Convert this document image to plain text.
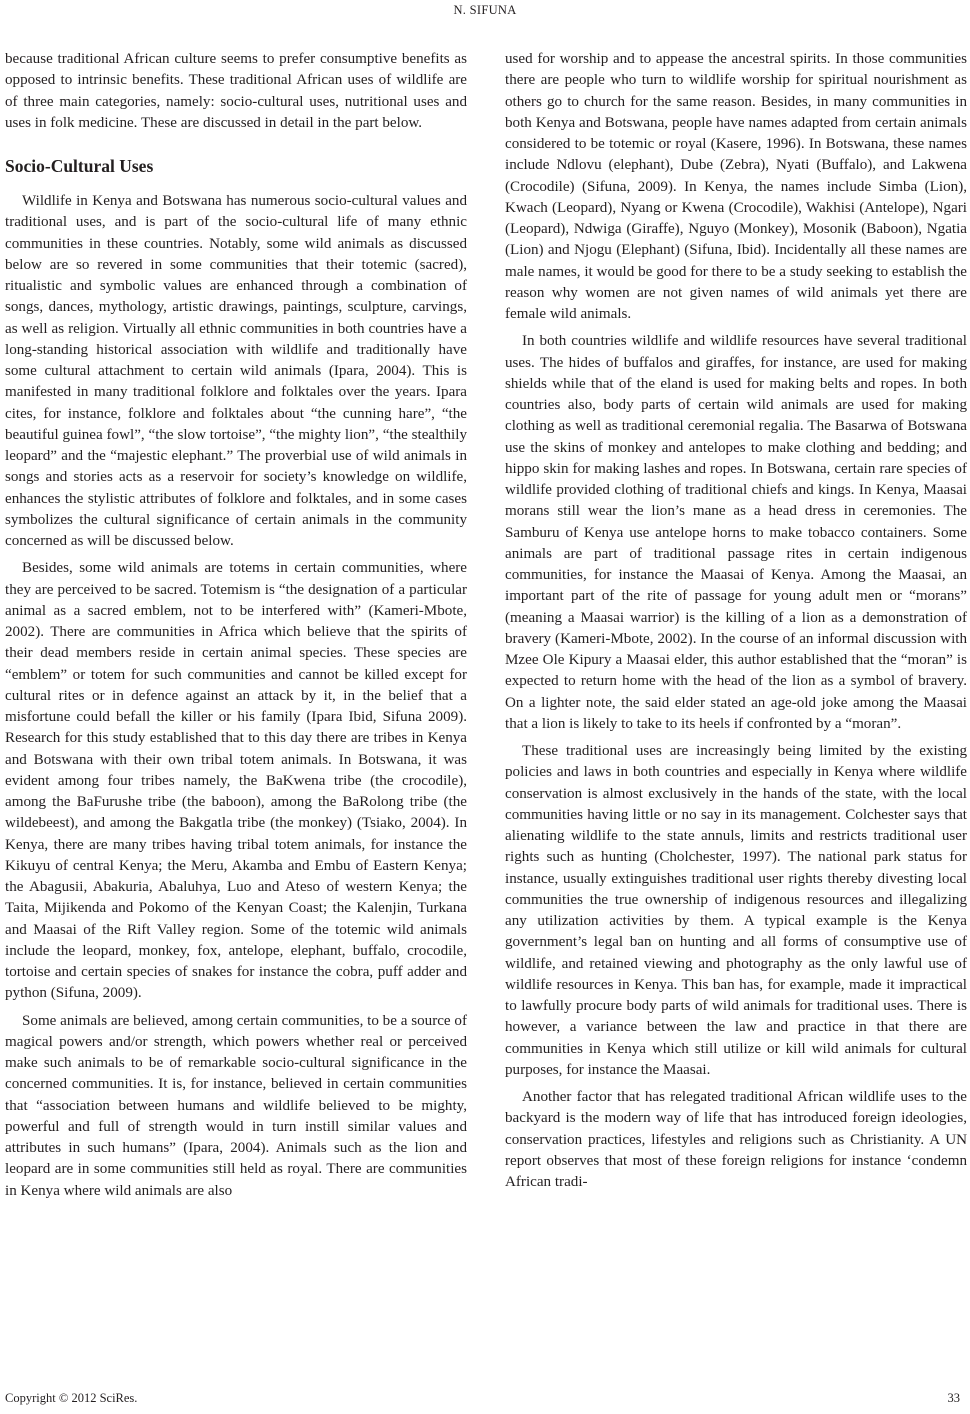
N. SIFUNA

because traditional African culture seems to prefer consumptive benefits as opposed to intrinsic benefits. These traditional African uses of wildlife are of three main categories, namely: socio-cultural uses, nutritional uses and uses in folk medicine. These are discussed in detail in the part below.

Socio-Cultural Uses

Wildlife in Kenya and Botswana has numerous socio-cultural values and traditional uses, and is part of the socio-cultural life of many ethnic communities in these countries. Notably, some wild animals as discussed below are so revered in some communities that their totemic (sacred), ritualistic and symbolic values are enhanced through a combination of songs, dances, mythology, artistic drawings, paintings, sculpture, carvings, as well as religion. Virtually all ethnic communities in both countries have a long-standing historical association with wildlife and traditionally have some cultural attachment to certain wild animals (Ipara, 2004). This is manifested in many traditional folklore and folktales over the years. Ipara cites, for instance, folklore and folktales about “the cunning hare”, “the beautiful guinea fowl”, “the slow tortoise”, “the mighty lion”, “the stealthily leopard” and the “majestic elephant.” The proverbial use of wild animals in songs and stories acts as a reservoir for society’s knowledge on wildlife, enhances the stylistic attributes of folklore and folktales, and in some cases symbolizes the cultural significance of certain animals in the community concerned as will be discussed below.

Besides, some wild animals are totems in certain communities, where they are perceived to be sacred. Totemism is “the designation of a particular animal as a sacred emblem, not to be interfered with” (Kameri-Mbote, 2002). There are communities in Africa which believe that the spirits of their dead members reside in certain animal species. These species are “emblem” or totem for such communities and cannot be killed except for cultural rites or in defence against an attack by it, in the belief that a misfortune could befall the killer or his family (Ipara Ibid, Sifuna 2009). Research for this study established that to this day there are tribes in Kenya and Botswana with their own tribal totem animals. In Botswana, it was evident among four tribes namely, the BaKwena tribe (the crocodile), among the BaFurushe tribe (the baboon), among the BaRolong tribe (the wildebeest), and among the Bakgatla tribe (the monkey) (Tsiako, 2004). In Kenya, there are many tribes having tribal totem animals, for instance the Kikuyu of central Kenya; the Meru, Akamba and Embu of Eastern Kenya; the Abagusii, Abakuria, Abaluhya, Luo and Ateso of western Kenya; the Taita, Mijikenda and Pokomo of the Kenyan Coast; the Kalenjin, Turkana and Maasai of the Rift Valley region. Some of the totemic wild animals include the leopard, monkey, fox, antelope, elephant, buffalo, crocodile, tortoise and certain species of snakes for instance the cobra, puff adder and python (Sifuna, 2009).

Some animals are believed, among certain communities, to be a source of magical powers and/or strength, which powers whether real or perceived make such animals to be of remarkable socio-cultural significance in the concerned communities. It is, for instance, believed in certain communities that “association between humans and wildlife believed to be mighty, powerful and full of strength would in turn instill similar values and attributes in such humans” (Ipara, 2004). Animals such as the lion and leopard are in some communities still held as royal. There are communities in Kenya where wild animals are also

used for worship and to appease the ancestral spirits. In those communities there are people who turn to wildlife worship for spiritual nourishment as others go to church for the same reason. Besides, in many communities in both Kenya and Botswana, people have names adapted from certain animals considered to be totemic or royal (Kasere, 1996). In Botswana, these names include Ndlovu (elephant), Dube (Zebra), Nyati (Buffalo), and Lakwena (Crocodile) (Sifuna, 2009). In Kenya, the names include Simba (Lion), Kwach (Leopard), Nyang or Kwena (Crocodile), Wakhisi (Antelope), Ngari (Leopard), Ndwiga (Giraffe), Nguyo (Monkey), Mosonik (Baboon), Ngatia (Lion) and Njogu (Elephant) (Sifuna, Ibid). Incidentally all these names are male names, it would be good for there to be a study seeking to establish the reason why women are not given names of wild animals yet there are female wild animals.

In both countries wildlife and wildlife resources have several traditional uses. The hides of buffalos and giraffes, for instance, are used for making shields while that of the eland is used for making belts and ropes. In both countries also, body parts of certain wild animals are used for making clothing as well as traditional ceremonial regalia. The Basarwa of Botswana use the skins of monkey and antelopes to make clothing and bedding; and hippo skin for making lashes and ropes. In Botswana, certain rare species of wildlife provided clothing of traditional chiefs and kings. In Kenya, Maasai morans still wear the lion’s mane as a head dress in ceremonies. The Samburu of Kenya use antelope horns to make tobacco containers. Some animals are part of traditional passage rites in certain indigenous communities, for instance the Maasai of Kenya. Among the Maasai, an important part of the rite of passage for young adult men or “morans” (meaning a Maasai warrior) is the killing of a lion as a demonstration of bravery (Kameri-Mbote, 2002). In the course of an informal discussion with Mzee Ole Kipury a Maasai elder, this author established that the “moran” is expected to return home with the head of the lion as a symbol of bravery. On a lighter note, the said elder stated an age-old joke among the Maasai that a lion is likely to take to its heels if confronted by a “moran”.

These traditional uses are increasingly being limited by the existing policies and laws in both countries and especially in Kenya where wildlife conservation is almost exclusively in the hands of the state, with the local communities having little or no say in its management. Colchester says that alienating wildlife to the state annuls, limits and restricts traditional user rights such as hunting (Cholchester, 1997). The national park status for instance, usually extinguishes traditional user rights thereby divesting local communities the true ownership of indigenous resources and illegalizing any utilization activities by them. A typical example is the Kenya government’s legal ban on hunting and all forms of consumptive use of wildlife, and retained viewing and photography as the only lawful use of wildlife resources in Kenya. This ban has, for example, made it impractical to lawfully procure body parts of wild animals for traditional uses. There is however, a variance between the law and practice in that there are communities in Kenya which still utilize or kill wild animals for cultural purposes, for instance the Maasai.

Another factor that has relegated traditional African wildlife uses to the backyard is the modern way of life that has introduced foreign ideologies, conservation practices, lifestyles and religions such as Christianity. A UN report observes that most of these foreign religions for instance ‘condemn African tradi-

Copyright © 2012 SciRes.	33
